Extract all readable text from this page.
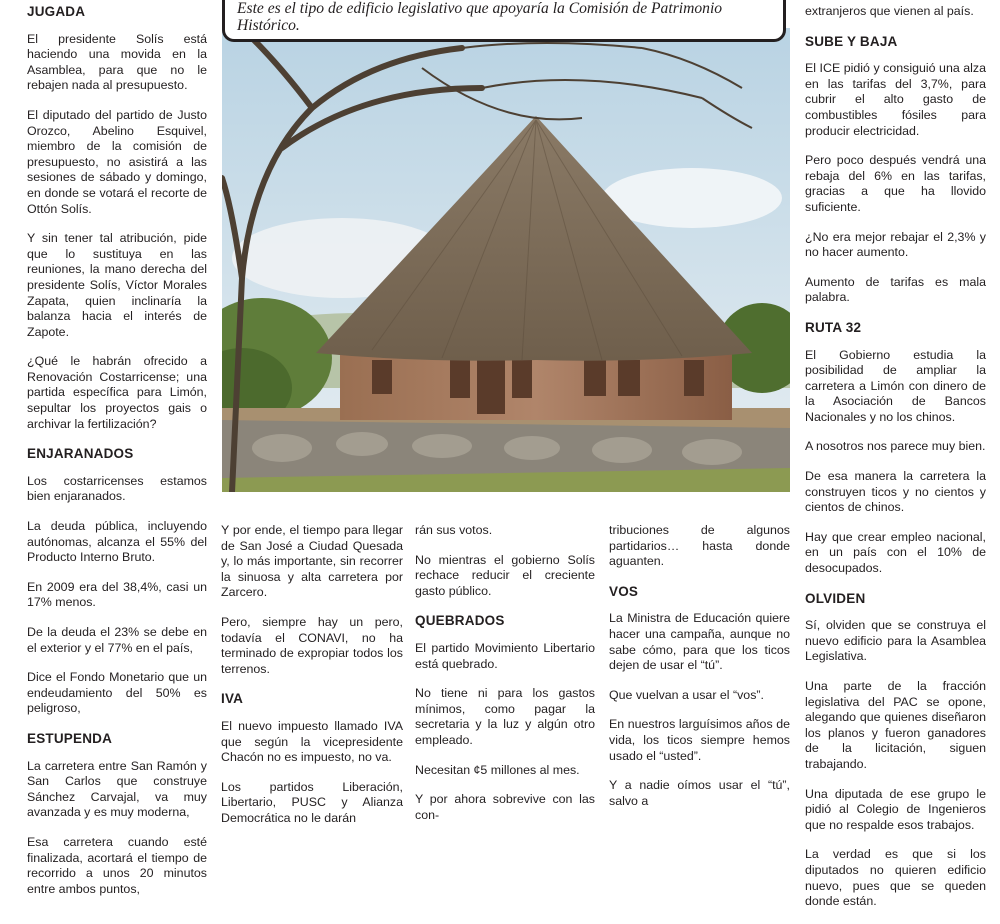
JUGADA

El presidente Solís está haciendo una movida en la Asamblea, para que no le rebajen nada al presupuesto.

El diputado del partido de Justo Orozco, Abelino Esquivel, miembro de la comisión de presupuesto, no asistirá a las sesiones de sábado y domingo, en donde se votará el recorte de Ottón Solís.

Y sin tener tal atribución, pide que lo sustituya en las reuniones, la mano derecha del presidente Solís, Víctor Morales Zapata, quien inclinaría la balanza hacia el interés de Zapote.

¿Qué le habrán ofrecido a Renovación Costarricense; una partida específica para Limón, sepultar los proyectos gais o archivar la fertilización?

ENJARANADOS

Los costarricenses estamos bien enjaranados.

La deuda pública, incluyendo autónomas, alcanza el 55% del Producto Interno Bruto.

En 2009 era del 38,4%, casi un 17% menos.

De la deuda el 23% se debe en el exterior y el 77% en el país,

Dice el Fondo Monetario que un endeudamiento del 50% es peligroso,

ESTUPENDA

La carretera entre San Ramón y San Carlos que construye Sánchez Carvajal, va muy avanzada y es muy moderna,

Esa carretera cuando esté finalizada, acortará el tiempo de recorrido a unos 20 minutos entre ambos puntos,

Este es el tipo de edificio legislativo que apoyaría la Comisión de Patrimonio Histórico.

Y por ende, el tiempo para llegar de San José a Ciudad Quesada y, lo más importante, sin recorrer la sinuosa y alta carretera por Zarcero.

Pero, siempre hay un pero, todavía el CONAVI, no ha terminado de expropiar todos los terrenos.

IVA

El nuevo impuesto llamado IVA que según la vicepresidente Chacón no es impuesto, no va.

Los partidos Liberación, Libertario, PUSC y Alianza Democrática no le darán

rán sus votos.

No mientras el gobierno Solís rechace reducir el creciente gasto público.

QUEBRADOS

El partido Movimiento Libertario está quebrado.

No tiene ni para los gastos mínimos, como pagar la secretaria y la luz y algún otro empleado.

Necesitan ¢5 millones al mes.

Y por ahora sobrevive con las con-

tribuciones de algunos partidarios… hasta donde aguanten.

VOS

La Ministra de Educación quiere hacer una campaña, aunque no sabe cómo, para que los ticos dejen de usar el “tú”.

Que vuelvan a usar el “vos”.

En nuestros larguísimos años de vida, los ticos siempre hemos usado el “usted”.

Y a nadie oímos usar el “tú”, salvo a

extranjeros que vienen al país.

SUBE Y BAJA

El ICE pidió y consiguió una alza en las tarifas del 3,7%, para cubrir el alto gasto de combustibles fósiles para producir electricidad.

Pero poco después vendrá una rebaja del 6% en las tarifas, gracias a que ha llovido suficiente.

¿No era mejor rebajar el 2,3% y no hacer aumento.

Aumento de tarifas es mala palabra.

RUTA 32

El Gobierno estudia la posibilidad de ampliar la carretera a Limón con dinero de la Asociación de Bancos Nacionales y no los chinos.

A nosotros nos parece muy bien.

De esa manera la carretera la construyen ticos y no cientos y cientos de chinos.

Hay que crear empleo nacional, en un país con el 10% de desocupados.

OLVIDEN

Sí, olviden que se construya el nuevo edificio para la Asamblea Legislativa.

Una parte de la fracción legislativa del PAC se opone, alegando que quienes diseñaron los planos y fueron ganadores de la licitación, siguen trabajando.

Una diputada de ese grupo le pidió al Colegio de Ingenieros que no respalde esos trabajos.

La verdad es que si los diputados no quieren edificio nuevo, pues que se queden donde están.
